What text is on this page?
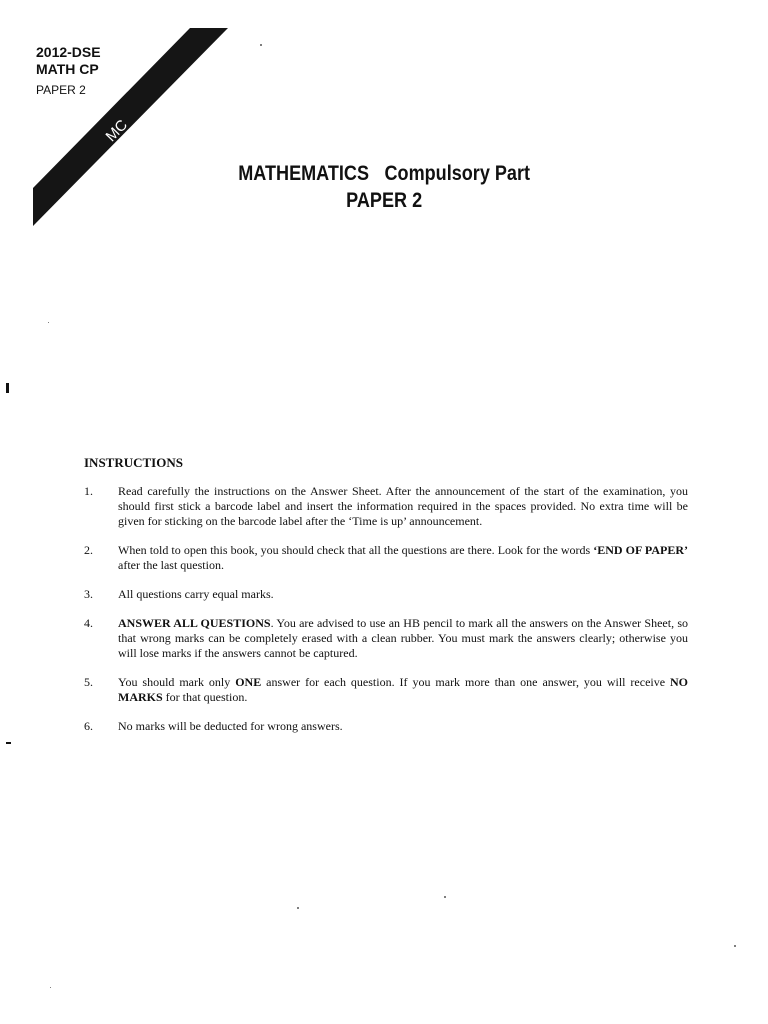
MC
2012-DSE
MATH CP
PAPER 2
MATHEMATICS Compulsory Part
PAPER 2
INSTRUCTIONS
1.	Read carefully the instructions on the Answer Sheet. After the announcement of the start of the examination, you should first stick a barcode label and insert the information required in the spaces provided. No extra time will be given for sticking on the barcode label after the ‘Time is up’ announcement.
2.	When told to open this book, you should check that all the questions are there. Look for the words ‘END OF PAPER’ after the last question.
3.	All questions carry equal marks.
4.	ANSWER ALL QUESTIONS. You are advised to use an HB pencil to mark all the answers on the Answer Sheet, so that wrong marks can be completely erased with a clean rubber. You must mark the answers clearly; otherwise you will lose marks if the answers cannot be captured.
5.	You should mark only ONE answer for each question. If you mark more than one answer, you will receive NO MARKS for that question.
6.	No marks will be deducted for wrong answers.
